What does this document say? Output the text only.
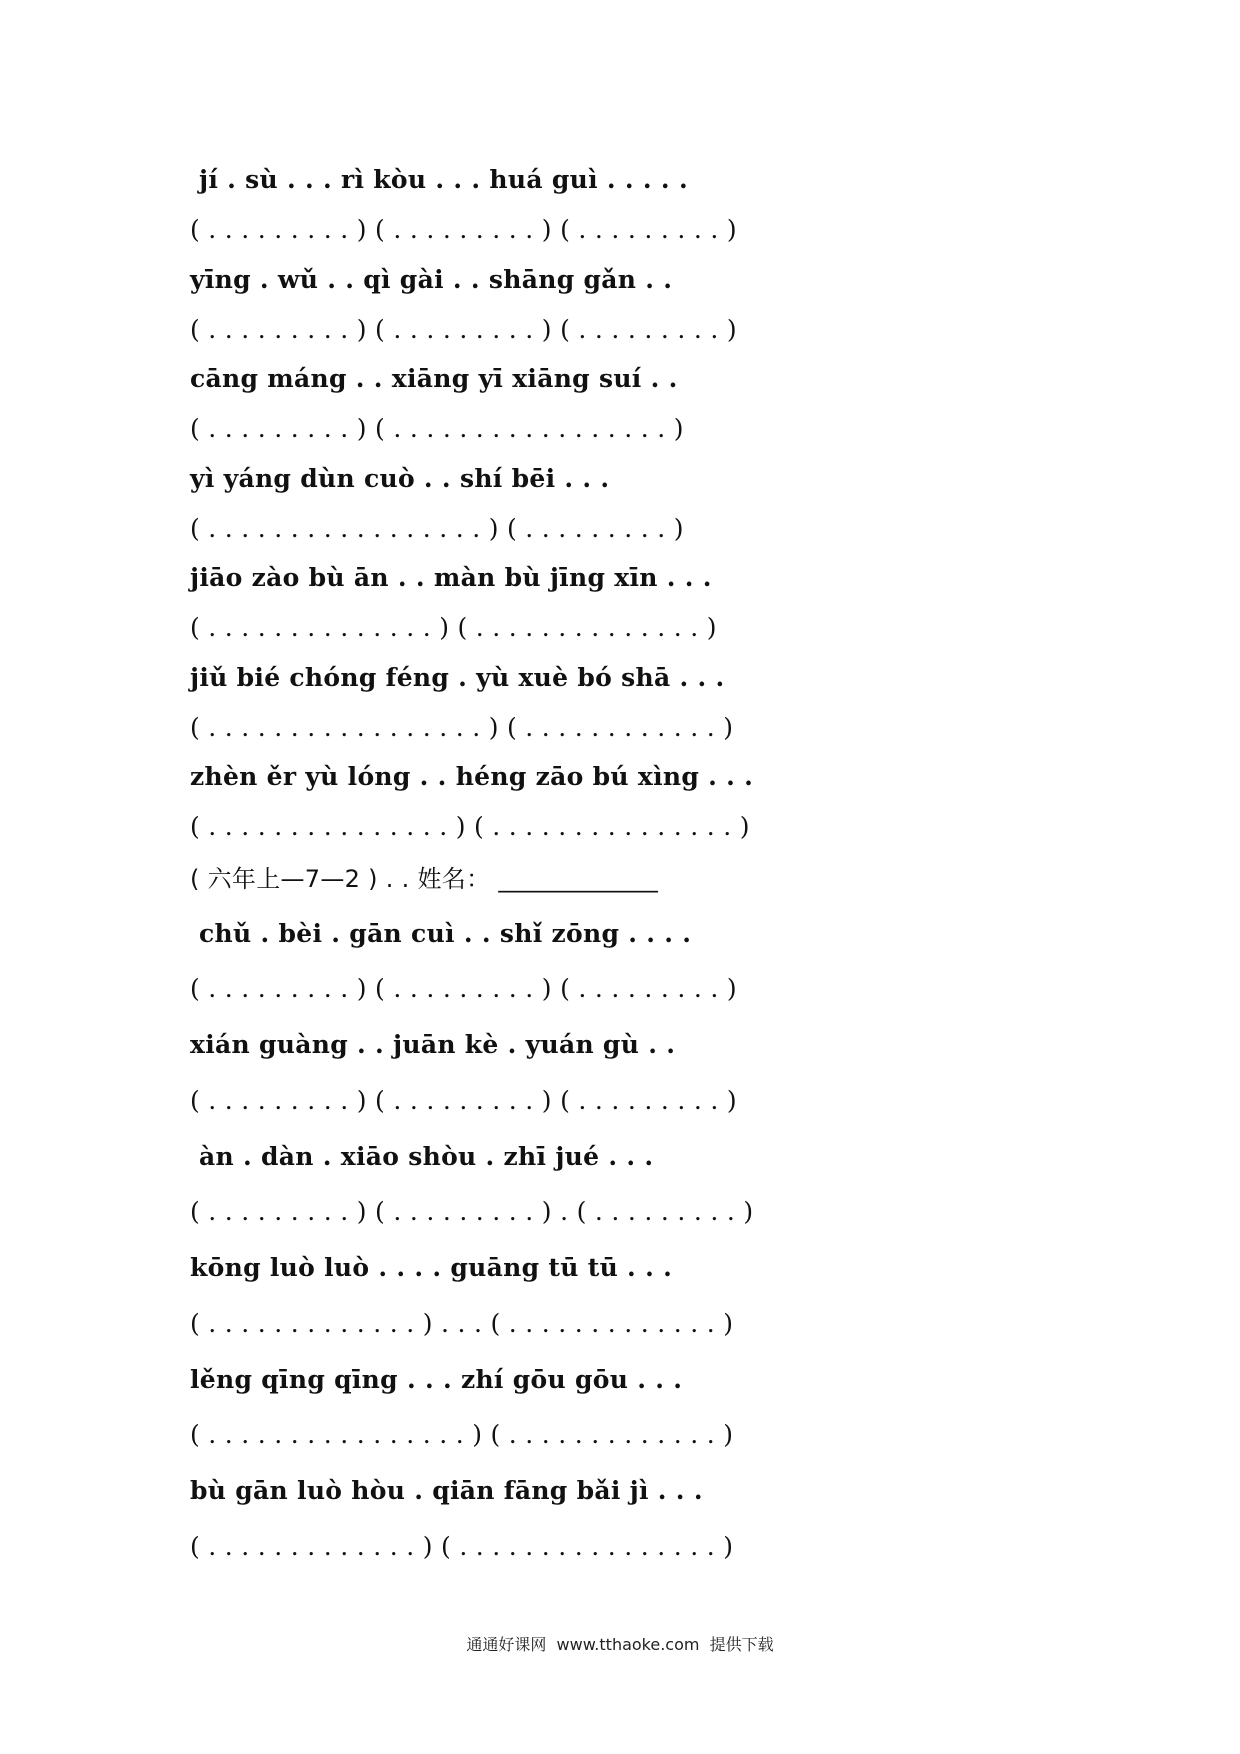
jí . sù . . . rì kòu . . . huá guì . . . . .
( . . . . . . . . . ) ( . . . . . . . . . ) ( . . . . . . . . . )
yīng . wǔ . . qì gài . . shāng gǎn . .
( . . . . . . . . . ) ( . . . . . . . . . ) ( . . . . . . . . . )
cāng máng . . xiāng yī xiāng suí . .
( . . . . . . . . . ) ( . . . . . . . . . . . . . . . . . )
yì yáng dùn cuò . . shí bēi . . .
( . . . . . . . . . . . . . . . . . ) ( . . . . . . . . . )
jiāo zào bù ān . . màn bù jīng xīn . . .
( . . . . . . . . . . . . . . ) ( . . . . . . . . . . . . . . )
jiǔ bié chóng féng . yù xuè bó shā . . .
( . . . . . . . . . . . . . . . . . ) ( . . . . . . . . . . . . )
zhèn ěr yù lóng . . héng zāo bú xìng . . .
( . . . . . . . . . . . . . . . ) ( . . . . . . . . . . . . . . . )
( 六年上—7—2 ) . . 姓名： _____________
chǔ . bèi . gān cuì . . shǐ zōng . . . .
( . . . . . . . . . ) ( . . . . . . . . . ) ( . . . . . . . . . )
xián guàng . . juān kè . yuán gù . .
( . . . . . . . . . ) ( . . . . . . . . . ) ( . . . . . . . . . )
àn . dàn . xiāo shòu . zhī jué . . .
( . . . . . . . . . ) ( . . . . . . . . . ) . ( . . . . . . . . . )
kōng luò luò . . . . guāng tū tū . . .
( . . . . . . . . . . . . . ) . . . ( . . . . . . . . . . . . . )
lěng qīng qīng . . . zhí gōu gōu . . .
( . . . . . . . . . . . . . . . . ) ( . . . . . . . . . . . . . )
bù gān luò hòu . qiān fāng bǎi jì . . .
( . . . . . . . . . . . . . ) ( . . . . . . . . . . . . . . . . )
通通好课网  www.tthaoke.com  提供下载
